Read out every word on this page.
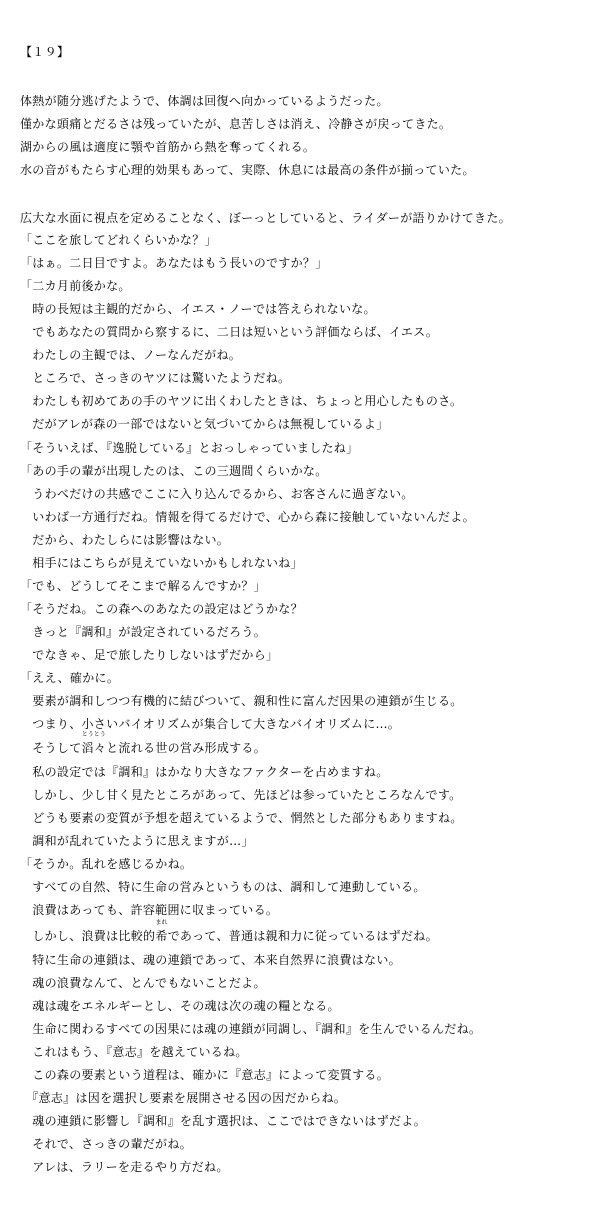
【１９】
体熱が随分逃げたようで、体調は回復へ向かっているようだった。
僅かな頭痛とだるさは残っていたが、息苦しさは消え、冷静さが戻ってきた。
湖からの風は適度に顎や首筋から熱を奪ってくれる。
水の音がもたらす心理的効果もあって、実際、休息には最高の条件が揃っていた。
広大な水面に視点を定めることなく、ぼーっとしていると、ライダーが語りかけてきた。
「ここを旅してどれくらいかな？」
「はぁ。二日目ですよ。あなたはもう長いのですか？」
「二カ月前後かな。
　時の長短は主観的だから、イエス・ノーでは答えられないな。
　でもあなたの質問から察するに、二日は短いという評価ならば、イエス。
　わたしの主観では、ノーなんだがね。
　ところで、さっきのヤツには驚いたようだね。
　わたしも初めてあの手のヤツに出くわしたときは、ちょっと用心したものさ。
　だがアレが森の一部ではないと気づいてからは無視しているよ」
「そういえば、『逸脱している』とおっしゃっていましたね」
「あの手の輩が出現したのは、この三週間くらいかな。
　うわべだけの共感でここに入り込んでるから、お客さんに過ぎない。
　いわば一方通行だね。情報を得てるだけで、心から森に接触していないんだよ。
　だから、わたしらには影響はない。
　相手にはこちらが見えていないかもしれないね」
「でも、どうしてそこまで解るんですか？」
「そうだね。この森へのあなたの設定はどうかな？
　きっと『調和』が設定されているだろう。
　でなきゃ、足で旅したりしないはずだから」
「ええ、確かに。
　要素が調和しつつ有機的に結びついて、親和性に富んだ因果の連鎖が生じる。
　つまり、小さいバイオリズムが集合して大きなバイオリズムに…。
　そうして滔々
とうとう
と流れる世の営み形成する。
　私の設定では『調和』はかなり大きなファクターを占めますね。
　しかし、少し甘く見たところがあって、先ほどは参っていたところなんです。
　どうも要素の変質が予想を超えているようで、惘然とした部分もありますね。
　調和が乱れていたように思えますが…」
「そうか。乱れを感じるかね。
　すべての自然、特に生命の営みというものは、調和して連動している。
　浪費はあっても、許容範囲に収まっている。
　しかし、浪費は比較的希
まれ
であって、普通は親和力に従っているはずだね。
　特に生命の連鎖は、魂の連鎖であって、本来自然界に浪費はない。
　魂の浪費なんて、とんでもないことだよ。
　魂は魂をエネルギーとし、その魂は次の魂の糧となる。
　生命に関わるすべての因果には魂の連鎖が同調し、『調和』を生んでいるんだね。
　これはもう、『意志』を越えているね。
　この森の要素という道程は、確かに『意志』によって変質する。
　『意志』は因を選択し要素を展開させる因の因だからね。
　魂の連鎖に影響し『調和』を乱す選択は、ここではできないはずだよ。
　それで、さっきの輩だがね。
　アレは、ラリーを走るやり方だね。
